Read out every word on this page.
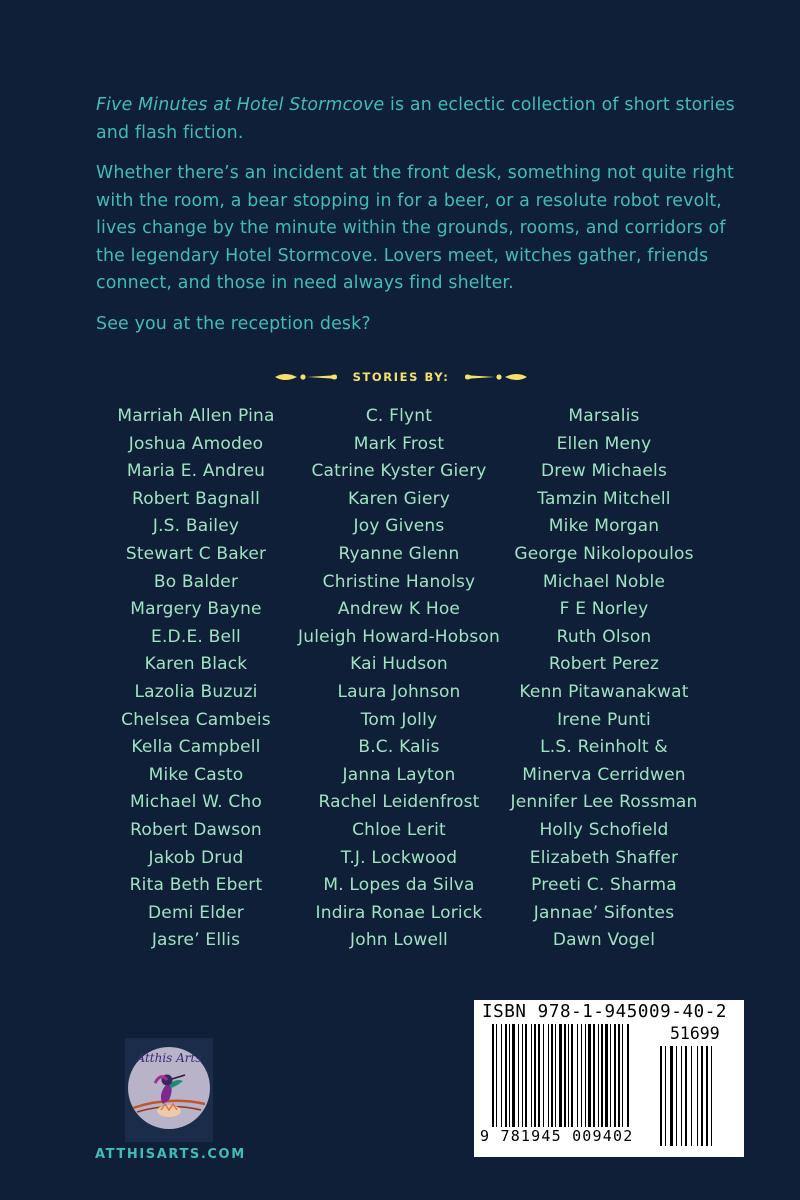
Five Minutes at Hotel Stormcove is an eclectic collection of short stories and flash fiction.

Whether there’s an incident at the front desk, something not quite right with the room, a bear stopping in for a beer, or a resolute robot revolt, lives change by the minute within the grounds, rooms, and corridors of the legendary Hotel Stormcove. Lovers meet, witches gather, friends connect, and those in need always find shelter.

See you at the reception desk?

STORIES BY:
Marriah Allen Pina
Joshua Amodeo
Maria E. Andreu
Robert Bagnall
J.S. Bailey
Stewart C Baker
Bo Balder
Margery Bayne
E.D.E. Bell
Karen Black
Lazolia Buzuzi
Chelsea Cambeis
Kella Campbell
Mike Casto
Michael W. Cho
Robert Dawson
Jakob Drud
Rita Beth Ebert
Demi Elder
Jasre’ Ellis
C. Flynt
Mark Frost
Catrine Kyster Giery
Karen Giery
Joy Givens
Ryanne Glenn
Christine Hanolsy
Andrew K Hoe
Juleigh Howard-Hobson
Kai Hudson
Laura Johnson
Tom Jolly
B.C. Kalis
Janna Layton
Rachel Leidenfrost
Chloe Lerit
T.J. Lockwood
M. Lopes da Silva
Indira Ronae Lorick
John Lowell
Marsalis
Ellen Meny
Drew Michaels
Tamzin Mitchell
Mike Morgan
George Nikolopoulos
Michael Noble
F E Norley
Ruth Olson
Robert Perez
Kenn Pitawanakwat
Irene Punti
L.S. Reinholt &
Minerva Cerridwen
Jennifer Lee Rossman
Holly Schofield
Elizabeth Shaffer
Preeti C. Sharma
Jannae’ Sifontes
Dawn Vogel
Atthis Arts
ATTHISARTS.COM
ISBN 978-1-945009-40-2
51699
9 781945 009402
